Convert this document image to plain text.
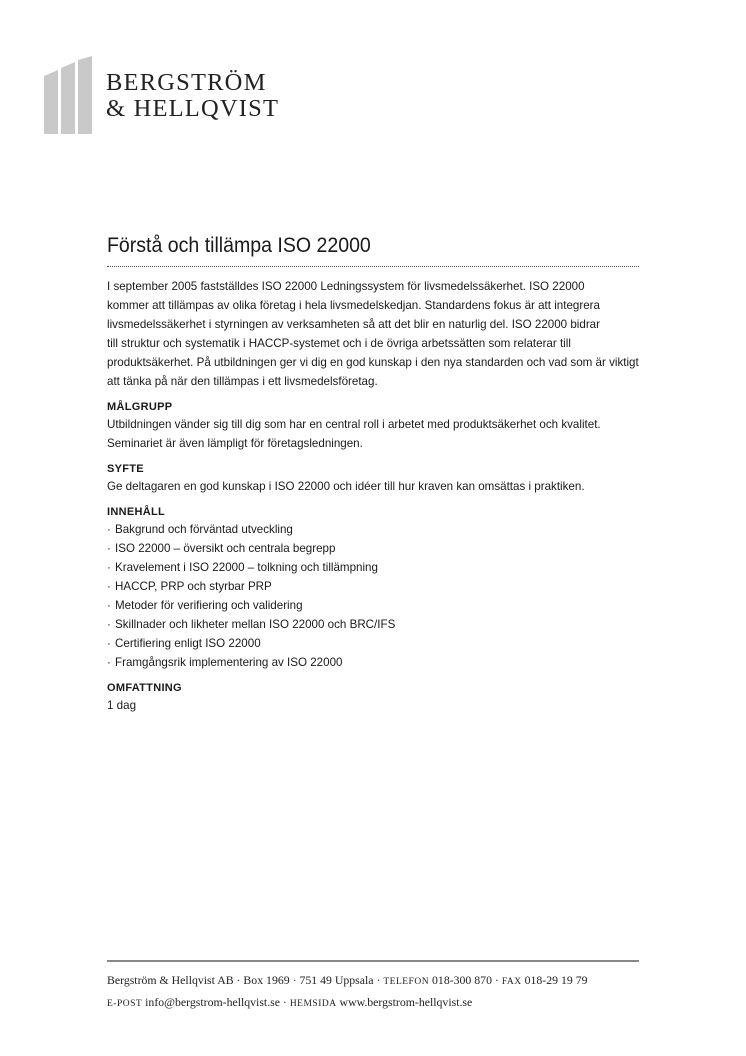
BERGSTRÖM
& HELLQVIST
Förstå och tillämpa ISO 22000

I september 2005 fastställdes ISO 22000 Ledningssystem för livsmedelssäkerhet. ISO 22000
kommer att tillämpas av olika företag i hela livsmedelskedjan. Standardens fokus är att integrera
livsmedelssäkerhet i styrningen av verksamheten så att det blir en naturlig del. ISO 22000 bidrar
till struktur och systematik i HACCP-systemet och i de övriga arbetssätten som relaterar till
produktsäkerhet. På utbildningen ger vi dig en god kunskap i den nya standarden och vad som är viktigt
att tänka på när den tillämpas i ett livsmedelsföretag.

MÅLGRUPP

Utbildningen vänder sig till dig som har en central roll i arbetet med produktsäkerhet och kvalitet.
Seminariet är även lämpligt för företagsledningen.

SYFTE

Ge deltagaren en god kunskap i ISO 22000 och idéer till hur kraven kan omsättas i praktiken.

INNEHÅLL
· Bakgrund och förväntad utveckling
· ISO 22000 – översikt och centrala begrepp
· Kravelement i ISO 22000 – tolkning och tillämpning
· HACCP, PRP och styrbar PRP
· Metoder för verifiering och validering
· Skillnader och likheter mellan ISO 22000 och BRC/IFS
· Certifiering enligt ISO 22000
· Framgångsrik implementering av ISO 22000
OMFATTNING

1 dag

Bergström & Hellqvist AB · Box 1969 · 751 49 Uppsala · TELEFON 018-300 870 · FAX 018-29 19 79
E-POST info@bergstrom-hellqvist.se · HEMSIDA www.bergstrom-hellqvist.se
